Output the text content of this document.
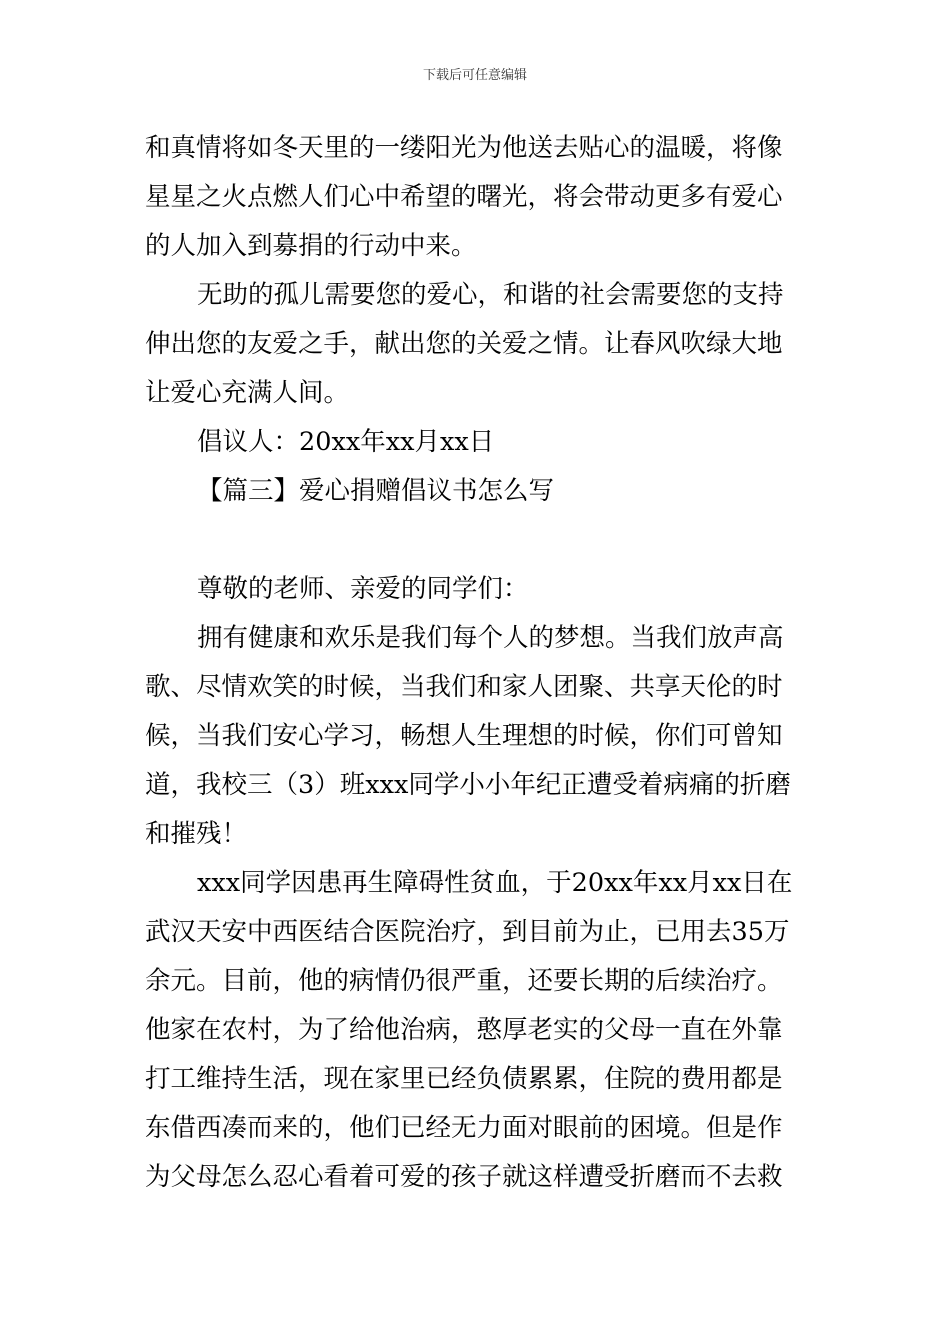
下载后可任意编辑
和真情将如冬天里的一缕阳光为他送去贴心的温暖，将像
星星之火点燃人们心中希望的曙光，将会带动更多有爱心
的人加入到募捐的行动中来。
无助的孤儿需要您的爱心，和谐的社会需要您的支持
伸出您的友爱之手，献出您的关爱之情。让春风吹绿大地
让爱心充满人间。
倡议人：20xx年xx月xx日
【篇三】爱心捐赠倡议书怎么写
尊敬的老师、亲爱的同学们：
拥有健康和欢乐是我们每个人的梦想。当我们放声高
歌、尽情欢笑的时候，当我们和家人团聚、共享天伦的时
候，当我们安心学习，畅想人生理想的时候，你们可曾知
道，我校三（3）班xxx同学小小年纪正遭受着病痛的折磨
和摧残！
xxx同学因患再生障碍性贫血，于20xx年xx月xx日在
武汉天安中西医结合医院治疗，到目前为止，已用去35万
余元。目前，他的病情仍很严重，还要长期的后续治疗。
他家在农村，为了给他治病，憨厚老实的父母一直在外靠
打工维持生活，现在家里已经负债累累，住院的费用都是
东借西凑而来的，他们已经无力面对眼前的困境。但是作
为父母怎么忍心看着可爱的孩子就这样遭受折磨而不去救
